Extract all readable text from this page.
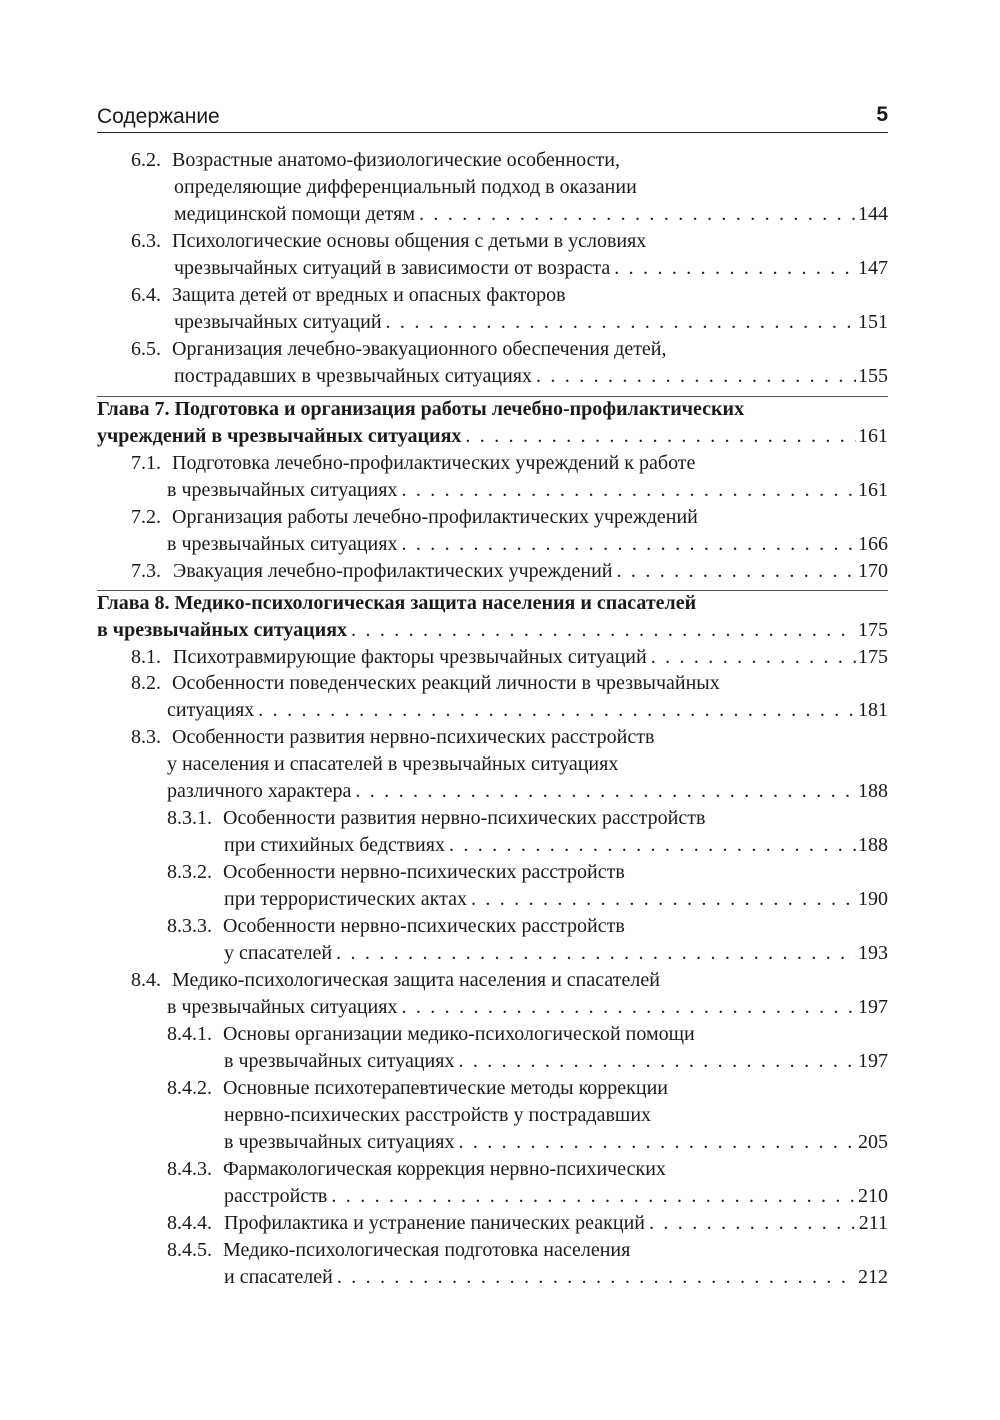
Содержание	5
6.2. Возрастные анатомо-физиологические особенности,
определяющие дифференциальный подход в оказании
медицинской помощи детям . . .	144
6.3. Психологические основы общения с детьми в условиях
чрезвычайных ситуаций в зависимости от возраста . . .	147
6.4. Защита детей от вредных и опасных факторов
чрезвычайных ситуаций . . .	151
6.5. Организация лечебно-эвакуационного обеспечения детей,
пострадавших в чрезвычайных ситуациях . . .	155
Глава 7. Подготовка и организация работы лечебно-профилактических
учреждений в чрезвычайных ситуациях . . .	161
7.1. Подготовка лечебно-профилактических учреждений к работе
в чрезвычайных ситуациях . . .	161
7.2. Организация работы лечебно-профилактических учреждений
в чрезвычайных ситуациях . . .	166
7.3. Эвакуация лечебно-профилактических учреждений . . .	170
Глава 8. Медико-психологическая защита населения и спасателей
в чрезвычайных ситуациях . . .	175
8.1. Психотравмирующие факторы чрезвычайных ситуаций . . .	175
8.2. Особенности поведенческих реакций личности в чрезвычайных
ситуациях . . .	181
8.3. Особенности развития нервно-психических расстройств
у населения и спасателей в чрезвычайных ситуациях
различного характера . . .	188
8.3.1. Особенности развития нервно-психических расстройств
при стихийных бедствиях . . .	188
8.3.2. Особенности нервно-психических расстройств
при террористических актах . . .	190
8.3.3. Особенности нервно-психических расстройств
у спасателей . . .	193
8.4. Медико-психологическая защита населения и спасателей
в чрезвычайных ситуациях . . .	197
8.4.1. Основы организации медико-психологической помощи
в чрезвычайных ситуациях . . .	197
8.4.2. Основные психотерапевтические методы коррекции
нервно-психических расстройств у пострадавших
в чрезвычайных ситуациях . . .	205
8.4.3. Фармакологическая коррекция нервно-психических
расстройств . . .	210
8.4.4. Профилактика и устранение панических реакций . . .	211
8.4.5. Медико-психологическая подготовка населения
и спасателей . . .	212
